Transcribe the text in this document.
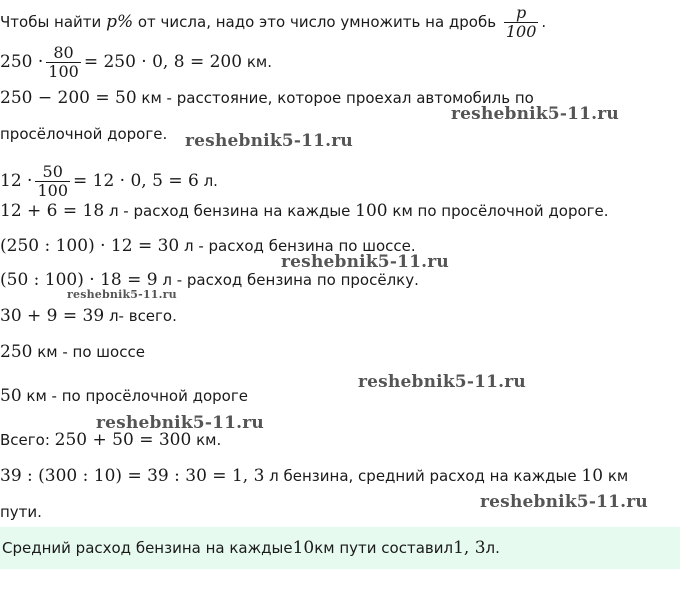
Чтобы найти p% от числа, надо это число умножить на дробь $\frac{p}{100}$ .
$250 \cdot \frac{80}{100} = 250 \cdot 0$, 8 = 200 км.
250 − 200 = 50 км - расстояние, которое проехал автомобиль по
просёлочной дороге.
$12 \cdot \frac{50}{100} = 12 \cdot 0$, 5 = 6 л.
12 + 6 = 18 л - расход бензина на каждые 100 км по просёлочной дороге.
(250 : 100) · 12 = 30 л - расход бензина по шоссе.
(50 : 100) · 18 = 9 л - расход бензина по просёлку.
30 + 9 = 39 л- всего.
250 км - по шоссе
50 км - по просёлочной дороге
Всего: 250 + 50 = 300 км.
39 : (300 : 10) = 39 : 30 = 1, 3 л бензина, средний расход на каждые 10 км
пути.
Средний расход бензина на каждые 10 км пути составил 1, 3 л.
reshebnik5-11.ru
reshebnik5-11.ru
reshebnik5-11.ru
reshebnik5-11.ru
reshebnik5-11.ru
reshebnik5-11.ru
reshebnik5-11.ru
